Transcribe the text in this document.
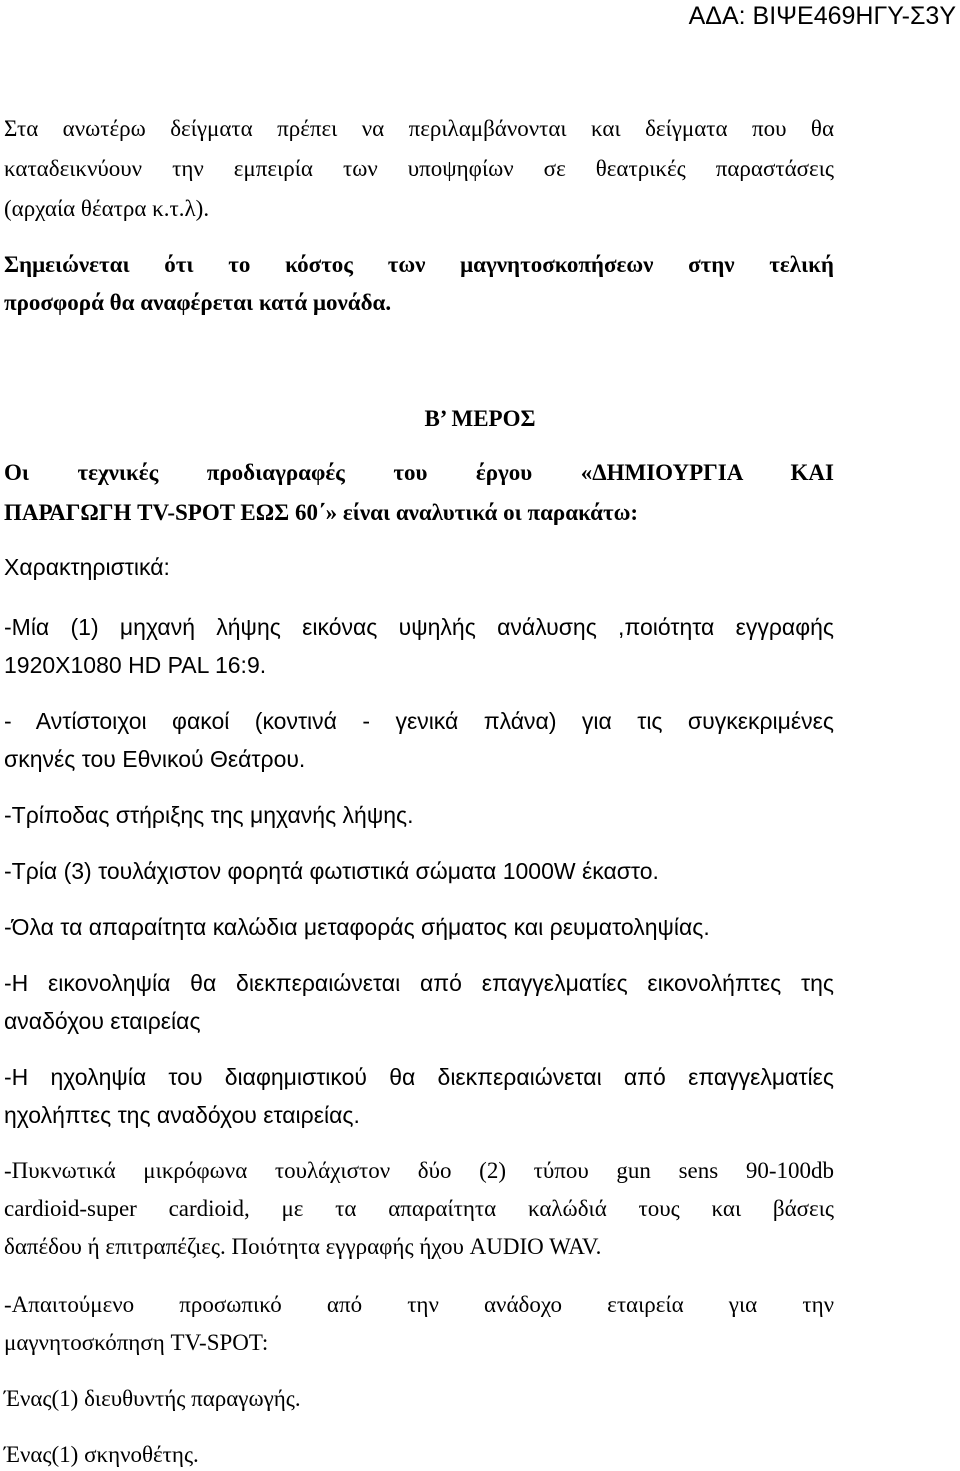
ΑΔΑ: ΒΙΨΕ469ΗΓΥ-Σ3Υ
Στα ανωτέρω δείγματα πρέπει να περιλαμβάνονται και δείγματα που θα
καταδεικνύουν την εμπειρία των υποψηφίων σε θεατρικές παραστάσεις
(αρχαία θέατρα κ.τ.λ).
Σημειώνεται ότι το κόστος των μαγνητοσκοπήσεων στην τελική
προσφορά θα αναφέρεται κατά μονάδα.
Β’ ΜΕΡΟΣ
Οι τεχνικές προδιαγραφές του έργου «ΔΗΜΙΟΥΡΓΙΑ ΚΑΙ
ΠΑΡΑΓΩΓΗ TV-SPOT ΕΩΣ 60΄» είναι αναλυτικά οι παρακάτω:
Χαρακτηριστικά:
-Μία (1) μηχανή λήψης εικόνας υψηλής ανάλυσης ,ποιότητα εγγραφής
1920X1080 HD PAL 16:9.
- Αντίστοιχοι φακοί (κοντινά - γενικά πλάνα) για τις συγκεκριμένες
σκηνές του Εθνικού Θεάτρου.
-Τρίποδας στήριξης της μηχανής λήψης.
-Τρία (3) τουλάχιστον φορητά φωτιστικά σώματα 1000W έκαστο.
-Όλα τα απαραίτητα καλώδια μεταφοράς σήματος και ρευματοληψίας.
-Η εικονοληψία θα διεκπεραιώνεται από επαγγελματίες εικονολήπτες της
αναδόχου εταιρείας
-Η ηχοληψία του διαφημιστικού θα διεκπεραιώνεται από επαγγελματίες
ηχολήπτες της αναδόχου εταιρείας.
-Πυκνωτικά μικρόφωνα τουλάχιστον δύο (2) τύπου gun sens 90-100db
cardioid-super cardioid, με τα απαραίτητα καλώδιά τους και βάσεις
δαπέδου ή επιτραπέζιες. Ποιότητα εγγραφής ήχου AUDIO WAV.
-Απαιτούμενο προσωπικό από την ανάδοχο εταιρεία για την
μαγνητοσκόπηση TV-SPOT:
Ένας(1) διευθυντής παραγωγής.
Ένας(1) σκηνοθέτης.
